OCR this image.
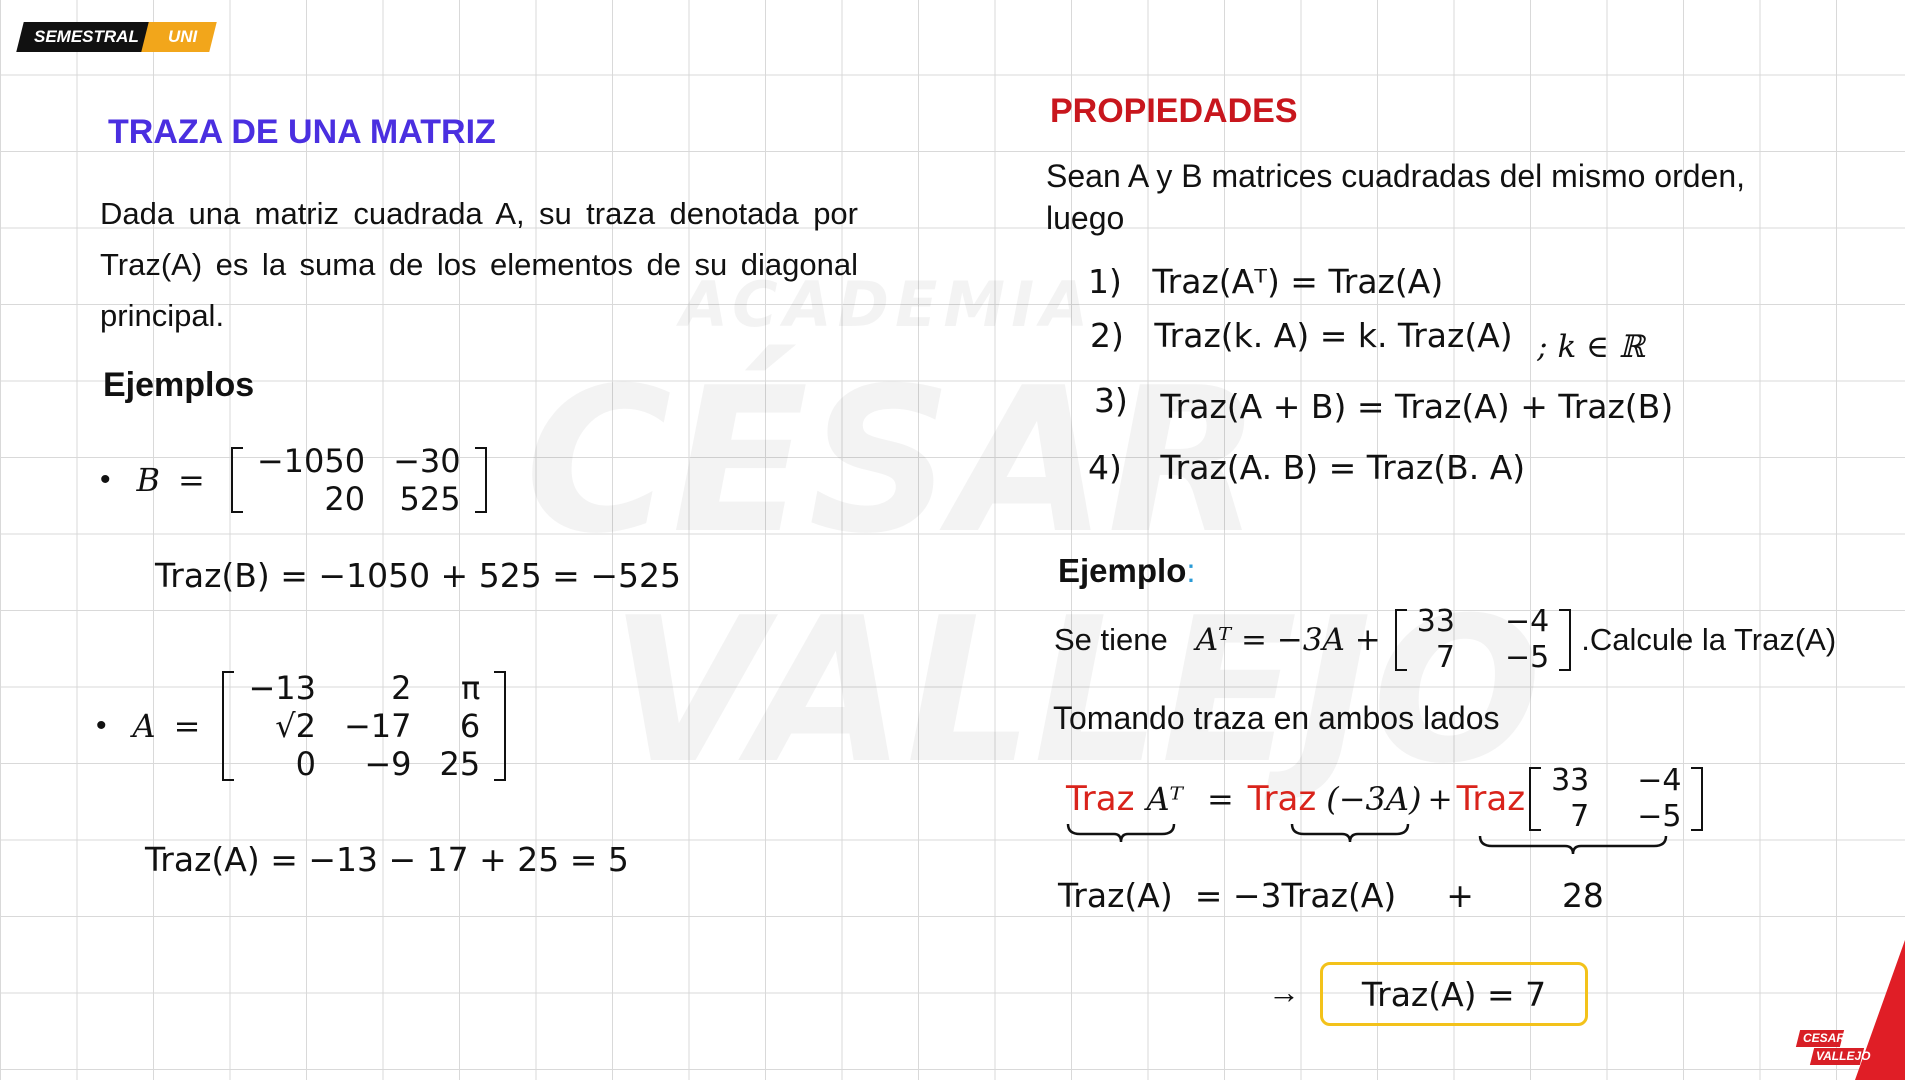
SEMESTRAL UNI
TRAZA DE UNA MATRIZ
Dada una matriz cuadrada A, su traza denotada por Traz(A) es la suma de los elementos de su diagonal principal.
Ejemplos
• B = −1050	−30
20	525
Traz(B) = −1050 + 525 = −525
• A =
−13	2	π
√2	−17	6
0	−9	25
Traz(A) = −13 − 17 + 25 = 5
PROPIEDADES
Sean A y B matrices cuadradas del mismo orden,
luego
1) Traz(Aᵀ) = Traz(A)
2) Traz(k. A) = k. Traz(A) ; k ∈ ℝ
3) Traz(A + B) = Traz(A) + Traz(B)
4) Traz(A. B) = Traz(B. A)
Ejemplo:
Se tiene Aᵀ = −3A +
33	−4
7	−5
.Calcule la Traz(A)
Tomando traza en ambos lados
Traz Aᵀ = Traz (−3A) + Traz 33	−4
7	−5
Traz(A) = −3Traz(A) +	28
→ Traz(A) = 7
CESAR
VALLEJO
